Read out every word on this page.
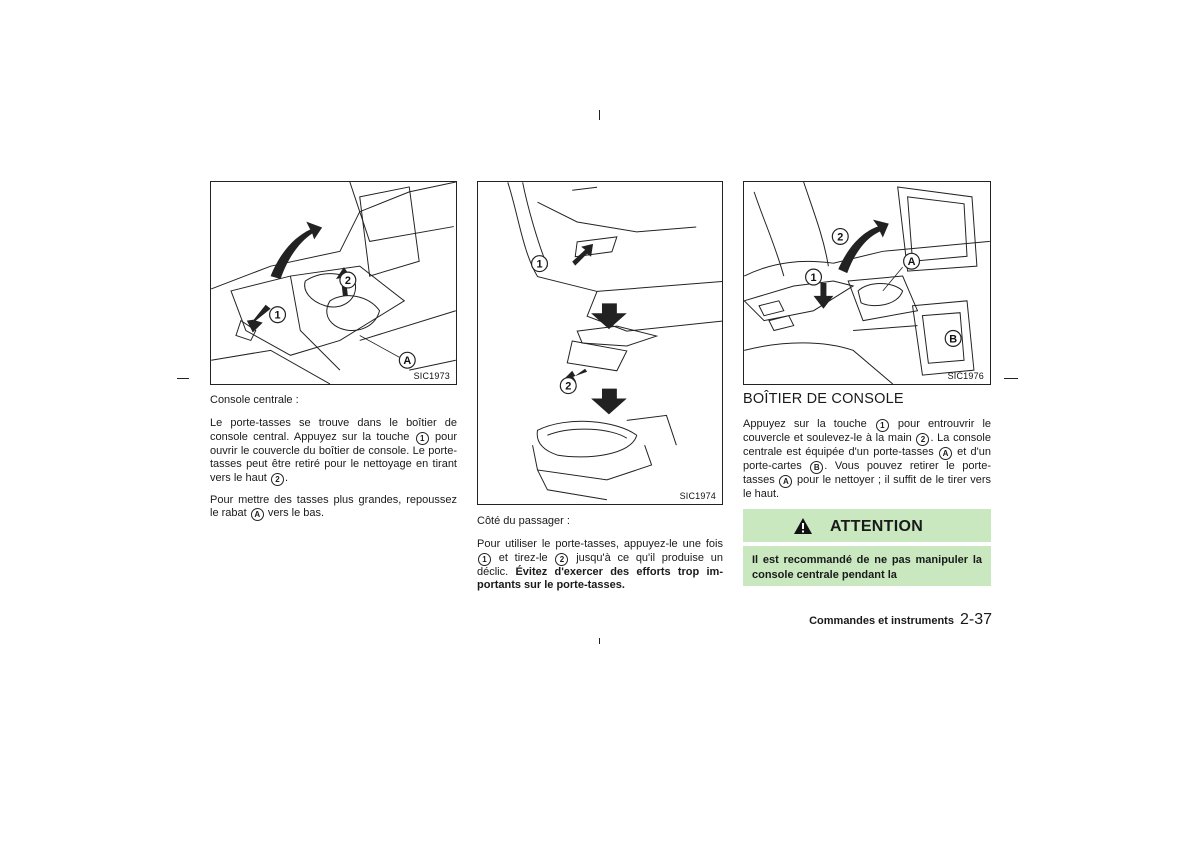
1
2
A
SIC1973
1
2
SIC1974
1
2
A
B
SIC1976

Console centrale :

Le porte-tasses se trouve dans le boîtier de console central. Appuyez sur la touche 1 pour ouvrir le couvercle du boîtier de console. Le porte-tasses peut être retiré pour le nettoyage en tirant vers le haut 2 .

Pour mettre des tasses plus grandes, repoussez le rabat A vers le bas.

Côté du passager :

Pour utiliser le porte-tasses, appuyez-le une fois 1 et tirez-le 2 jusqu'à ce qu'il produise un déclic. Évitez d'exercer des efforts trop im-portants sur le porte-tasses.

BOÎTIER DE CONSOLE

Appuyez sur la touche 1 pour entrouvrir le couvercle et soulevez-le à la main 2 . La console centrale est équipée d'un porte-tasses A et d'un porte-cartes B . Vous pouvez retirer le porte-tasses A pour le nettoyer ; il suffit de le tirer vers le haut.

ATTENTION
Il est recommandé de ne pas manipuler la console centrale pendant la
Commandes et instruments 2-37
